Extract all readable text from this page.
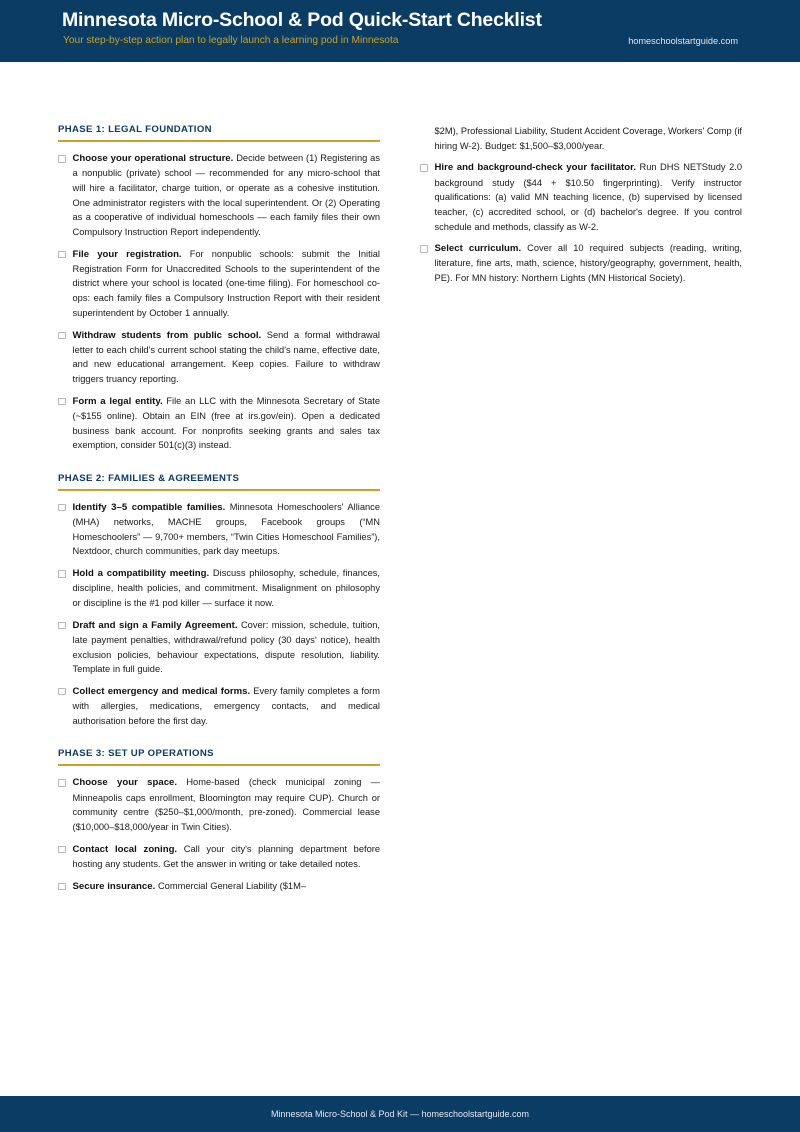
Minnesota Micro-School & Pod Quick-Start Checklist
Your step-by-step action plan to legally launch a learning pod in Minnesota	homeschoolstartguide.com
PHASE 1: LEGAL FOUNDATION
Choose your operational structure. Decide between (1) Registering as a nonpublic (private) school — recommended for any micro-school that will hire a facilitator, charge tuition, or operate as a cohesive institution. One administrator registers with the local superintendent. Or (2) Operating as a cooperative of individual homeschools — each family files their own Compulsory Instruction Report independently.
File your registration. For nonpublic schools: submit the Initial Registration Form for Unaccredited Schools to the superintendent of the district where your school is located (one-time filing). For homeschool co-ops: each family files a Compulsory Instruction Report with their resident superintendent by October 1 annually.
Withdraw students from public school. Send a formal withdrawal letter to each child's current school stating the child's name, effective date, and new educational arrangement. Keep copies. Failure to withdraw triggers truancy reporting.
Form a legal entity. File an LLC with the Minnesota Secretary of State (~$155 online). Obtain an EIN (free at irs.gov/ein). Open a dedicated business bank account. For nonprofits seeking grants and sales tax exemption, consider 501(c)(3) instead.
PHASE 2: FAMILIES & AGREEMENTS
Identify 3–5 compatible families. Minnesota Homeschoolers' Alliance (MHA) networks, MACHE groups, Facebook groups (“MN Homeschoolers” — 9,700+ members, “Twin Cities Homeschool Families”), Nextdoor, church communities, park day meetups.
Hold a compatibility meeting. Discuss philosophy, schedule, finances, discipline, health policies, and commitment. Misalignment on philosophy or discipline is the #1 pod killer — surface it now.
Draft and sign a Family Agreement. Cover: mission, schedule, tuition, late payment penalties, withdrawal/refund policy (30 days' notice), health exclusion policies, behaviour expectations, dispute resolution, liability. Template in full guide.
Collect emergency and medical forms. Every family completes a form with allergies, medications, emergency contacts, and medical authorisation before the first day.
PHASE 3: SET UP OPERATIONS
Choose your space. Home-based (check municipal zoning — Minneapolis caps enrollment, Bloomington may require CUP). Church or community centre ($250–$1,000/month, pre-zoned). Commercial lease ($10,000–$18,000/year in Twin Cities).
Contact local zoning. Call your city's planning department before hosting any students. Get the answer in writing or take detailed notes.
Secure insurance. Commercial General Liability ($1M–
$2M), Professional Liability, Student Accident Coverage, Workers' Comp (if hiring W-2). Budget: $1,500–$3,000/year.
Hire and background-check your facilitator. Run DHS NETStudy 2.0 background study ($44 + $10.50 fingerprinting). Verify instructor qualifications: (a) valid MN teaching licence, (b) supervised by licensed teacher, (c) accredited school, or (d) bachelor's degree. If you control schedule and methods, classify as W-2.
Select curriculum. Cover all 10 required subjects (reading, writing, literature, fine arts, math, science, history/geography, government, health, PE). For MN history: Northern Lights (MN Historical Society).
Minnesota Micro-School & Pod Kit — homeschoolstartguide.com
